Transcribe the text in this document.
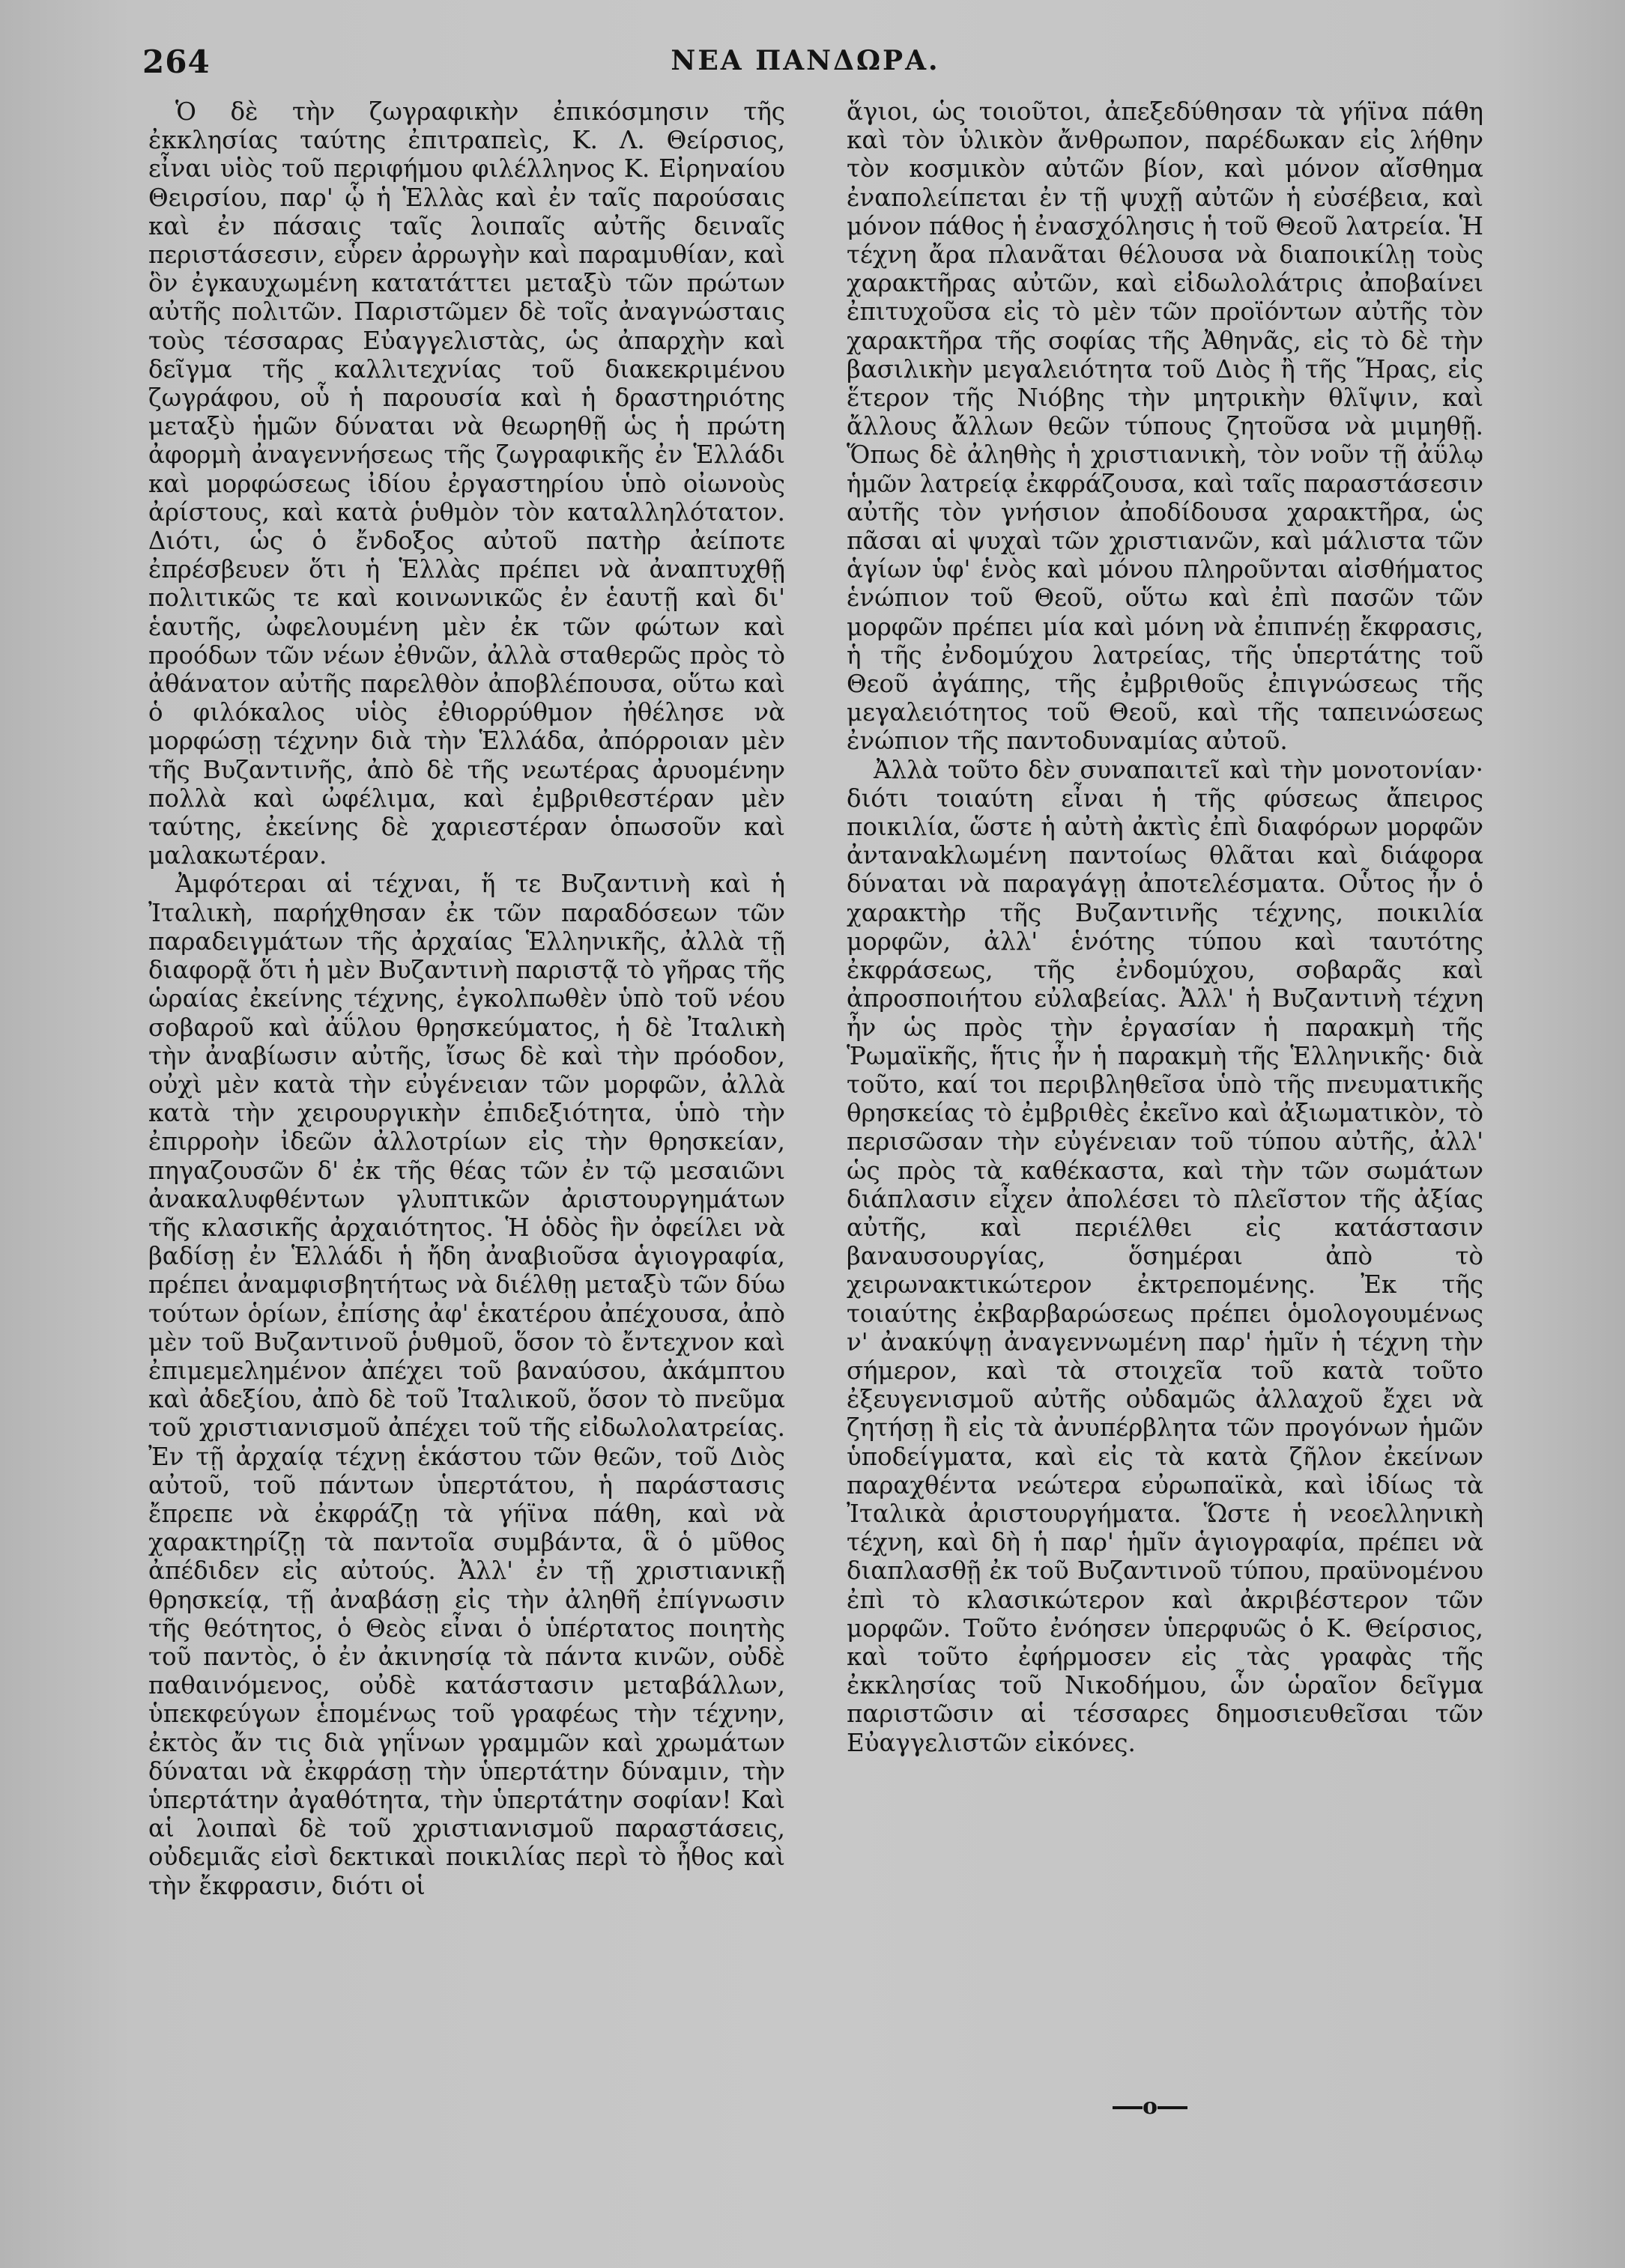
264	ΝΕΑ ΠΑΝΔΩΡΑ.

Ὁ δὲ τὴν ζωγραφικὴν ἐπικόσμησιν τῆς ἐκκλησίας ταύτης ἐπιτραπεὶς, Κ. Λ. Θείρσιος, εἶναι υἱὸς τοῦ περιφήμου φιλέλληνος Κ. Εἰρηναίου Θειρσίου, παρ' ᾧ ἡ Ἑλλὰς καὶ ἐν ταῖς παρούσαις καὶ ἐν πάσαις ταῖς λοιπαῖς αὐτῆς δειναῖς περιστάσεσιν, εὗρεν ἀρρωγὴν καὶ παραμυθίαν, καὶ ὃν ἐγκαυχωμένη κατατάττει μεταξὺ τῶν πρώτων αὐτῆς πολιτῶν. Παριστῶμεν δὲ τοῖς ἀναγνώσταις τοὺς τέσσαρας Εὐαγγελιστὰς, ὡς ἀπαρχὴν καὶ δεῖγμα τῆς καλλιτεχνίας τοῦ διακεκριμένου ζωγράφου, οὗ ἡ παρουσία καὶ ἡ δραστηριότης μεταξὺ ἡμῶν δύναται νὰ θεωρηθῇ ὡς ἡ πρώτη ἀφορμὴ ἀναγεννήσεως τῆς ζωγραφικῆς ἐν Ἑλλάδι καὶ μορφώσεως ἰδίου ἐργαστηρίου ὑπὸ οἰωνοὺς ἀρίστους, καὶ κατὰ ῥυθμὸν τὸν καταλληλότατον. Διότι, ὡς ὁ ἔνδοξος αὐτοῦ πατὴρ ἀείποτε ἐπρέσβευεν ὅτι ἡ Ἑλλὰς πρέπει νὰ ἀναπτυχθῇ πολιτικῶς τε καὶ κοινωνικῶς ἐν ἑαυτῇ καὶ δι' ἑαυτῆς, ὠφελουμένη μὲν ἐκ τῶν φώτων καὶ προόδων τῶν νέων ἐθνῶν, ἀλλὰ σταθερῶς πρὸς τὸ ἀθάνατον αὐτῆς παρελθὸν ἀποβλέπουσα, οὕτω καὶ ὁ φιλόκαλος υἱὸς ἐθιορρύθμον ἠθέλησε νὰ μορφώσῃ τέχνην διὰ τὴν Ἑλλάδα, ἀπόρροιαν μὲν τῆς Βυζαντινῆς, ἀπὸ δὲ τῆς νεωτέρας ἀρυομένην πολλὰ καὶ ὠφέλιμα, καὶ ἐμβριθεστέραν μὲν ταύτης, ἐκείνης δὲ χαριεστέραν ὁπωσοῦν καὶ μαλακωτέραν.

Ἀμφότεραι αἱ τέχναι, ἥ τε Βυζαντινὴ καὶ ἡ Ἰταλικὴ, παρήχθησαν ἐκ τῶν παραδόσεων τῶν παραδειγμάτων τῆς ἀρχαίας Ἑλληνικῆς, ἀλλὰ τῇ διαφορᾷ ὅτι ἡ μὲν Βυζαντινὴ παριστᾷ τὸ γῆρας τῆς ὡραίας ἐκείνης τέχνης, ἐγκολπωθὲν ὑπὸ τοῦ νέου σοβαροῦ καὶ ἀΰλου θρησκεύματος, ἡ δὲ Ἰταλικὴ τὴν ἀναβίωσιν αὐτῆς, ἴσως δὲ καὶ τὴν πρόοδον, οὐχὶ μὲν κατὰ τὴν εὐγένειαν τῶν μορφῶν, ἀλλὰ κατὰ τὴν χειρουργικὴν ἐπιδεξιότητα, ὑπὸ τὴν ἐπιρροὴν ἰδεῶν ἀλλοτρίων εἰς τὴν θρησκείαν, πηγαζουσῶν δ' ἐκ τῆς θέας τῶν ἐν τῷ μεσαιῶνι ἀνακαλυφθέντων γλυπτικῶν ἀριστουργημάτων τῆς κλασικῆς ἀρχαιότητος. Ἡ ὁδὸς ἣν ὀφείλει νὰ βαδίσῃ ἐν Ἑλλάδι ἡ ἤδη ἀναβιοῦσα ἁγιογραφία, πρέπει ἀναμφισβητήτως νὰ διέλθῃ μεταξὺ τῶν δύω τούτων ὁρίων, ἐπίσης ἀφ' ἑκατέρου ἀπέχουσα, ἀπὸ μὲν τοῦ Βυζαντινοῦ ῥυθμοῦ, ὅσον τὸ ἔντεχνον καὶ ἐπιμεμελημένον ἀπέχει τοῦ βαναύσου, ἀκάμπτου καὶ ἀδεξίου, ἀπὸ δὲ τοῦ Ἰταλικοῦ, ὅσον τὸ πνεῦμα τοῦ χριστιανισμοῦ ἀπέχει τοῦ τῆς εἰδωλολατρείας. Ἐν τῇ ἀρχαίᾳ τέχνῃ ἑκάστου τῶν θεῶν, τοῦ Διὸς αὐτοῦ, τοῦ πάντων ὑπερτάτου, ἡ παράστασις ἔπρεπε νὰ ἐκφράζῃ τὰ γήϊνα πάθη, καὶ νὰ χαρακτηρίζῃ τὰ παντοῖα συμβάντα, ἃ ὁ μῦθος ἀπέδιδεν εἰς αὐτούς. Ἀλλ' ἐν τῇ χριστιανικῇ θρησκείᾳ, τῇ ἀναβάσῃ εἰς τὴν ἀληθῆ ἐπίγνωσιν τῆς θεότητος, ὁ Θεὸς εἶναι ὁ ὑπέρτατος ποιητὴς τοῦ παντὸς, ὁ ἐν ἀκινησίᾳ τὰ πάντα κινῶν, οὐδὲ παθαινόμενος, οὐδὲ κατάστασιν μεταβάλλων, ὑπεκφεύγων ἑπομένως τοῦ γραφέως τὴν τέχνην, ἐκτὸς ἄν τις διὰ γηΐνων γραμμῶν καὶ χρωμάτων δύναται νὰ ἐκφράσῃ τὴν ὑπερτάτην δύναμιν, τὴν ὑπερτάτην ἀγαθότητα, τὴν ὑπερτάτην σοφίαν! Καὶ αἱ λοιπαὶ δὲ τοῦ χριστιανισμοῦ παραστάσεις, οὐδεμιᾶς εἰσὶ δεκτικαὶ ποικιλίας περὶ τὸ ἦθος καὶ τὴν ἔκφρασιν, διότι οἱ

ἅγιοι, ὡς τοιοῦτοι, ἀπεξεδύθησαν τὰ γήϊνα πάθη καὶ τὸν ὑλικὸν ἄνθρωπον, παρέδωκαν εἰς λήθην τὸν κοσμικὸν αὐτῶν βίον, καὶ μόνον αἴσθημα ἐναπολείπεται ἐν τῇ ψυχῇ αὐτῶν ἡ εὐσέβεια, καὶ μόνον πάθος ἡ ἐνασχόλησις ἡ τοῦ Θεοῦ λατρεία. Ἡ τέχνη ἄρα πλανᾶται θέλουσα νὰ διαποικίλῃ τοὺς χαρακτῆρας αὐτῶν, καὶ εἰδωλολάτρις ἀποβαίνει ἐπιτυχοῦσα εἰς τὸ μὲν τῶν προϊόντων αὐτῆς τὸν χαρακτῆρα τῆς σοφίας τῆς Ἀθηνᾶς, εἰς τὸ δὲ τὴν βασιλικὴν μεγαλειότητα τοῦ Διὸς ἢ τῆς Ἥρας, εἰς ἕτερον τῆς Νιόβης τὴν μητρικὴν θλῖψιν, καὶ ἄλλους ἄλλων θεῶν τύπους ζητοῦσα νὰ μιμηθῇ. Ὅπως δὲ ἀληθὴς ἡ χριστιανικὴ, τὸν νοῦν τῇ ἀΰλῳ ἡμῶν λατρείᾳ ἐκφράζουσα, καὶ ταῖς παραστάσεσιν αὐτῆς τὸν γνήσιον ἀποδίδουσα χαρακτῆρα, ὡς πᾶσαι αἱ ψυχαὶ τῶν χριστιανῶν, καὶ μάλιστα τῶν ἁγίων ὑφ' ἑνὸς καὶ μόνου πληροῦνται αἰσθήματος ἑνώπιον τοῦ Θεοῦ, οὕτω καὶ ἐπὶ πασῶν τῶν μορφῶν πρέπει μία καὶ μόνη νὰ ἐπιπνέῃ ἔκφρασις, ἡ τῆς ἐνδομύχου λατρείας, τῆς ὑπερτάτης τοῦ Θεοῦ ἀγάπης, τῆς ἐμβριθοῦς ἐπιγνώσεως τῆς μεγαλειότητος τοῦ Θεοῦ, καὶ τῆς ταπεινώσεως ἐνώπιον τῆς παντοδυναμίας αὐτοῦ.

Ἀλλὰ τοῦτο δὲν συναπαιτεῖ καὶ τὴν μονοτονίαν· διότι τοιαύτη εἶναι ἡ τῆς φύσεως ἄπειρος ποικιλία, ὥστε ἡ αὐτὴ ἀκτὶς ἐπὶ διαφόρων μορφῶν ἀνταναkλωμένη παντοίως θλᾶται καὶ διάφορα δύναται νὰ παραγάγῃ ἀποτελέσματα. Οὗτος ἦν ὁ χαρακτὴρ τῆς Βυζαντινῆς τέχνης, ποικιλία μορφῶν, ἀλλ' ἑνότης τύπου καὶ ταυτότης ἐκφράσεως, τῆς ἐνδομύχου, σοβαρᾶς καὶ ἀπροσποιήτου εὐλαβείας. Ἀλλ' ἡ Βυζαντινὴ τέχνη ἦν ὡς πρὸς τὴν ἐργασίαν ἡ παρακμὴ τῆς Ῥωμαϊκῆς, ἥτις ἦν ἡ παρακμὴ τῆς Ἑλληνικῆς· διὰ τοῦτο, καί τοι περιβληθεῖσα ὑπὸ τῆς πνευματικῆς θρησκείας τὸ ἐμβριθὲς ἐκεῖνο καὶ ἀξιωματικὸν, τὸ περισῶσαν τὴν εὐγένειαν τοῦ τύπου αὐτῆς, ἀλλ' ὡς πρὸς τὰ καθέκαστα, καὶ τὴν τῶν σωμάτων διάπλασιν εἶχεν ἀπολέσει τὸ πλεῖστον τῆς ἀξίας αὐτῆς, καὶ περιέλθει εἰς κατάστασιν βαναυσουργίας, ὅσημέραι ἀπὸ τὸ χειρωνακτικώτερον ἐκτρεπομένης. Ἐκ τῆς τοιαύτης ἐκβαρβαρώσεως πρέπει ὁμολογουμένως ν' ἀνακύψῃ ἀναγεννωμένη παρ' ἡμῖν ἡ τέχνη τὴν σήμερον, καὶ τὰ στοιχεῖα τοῦ κατὰ τοῦτο ἐξευγενισμοῦ αὐτῆς οὐδαμῶς ἀλλαχοῦ ἔχει νὰ ζητήσῃ ἢ εἰς τὰ ἀνυπέρβλητα τῶν προγόνων ἡμῶν ὑποδείγματα, καὶ εἰς τὰ κατὰ ζῆλον ἐκείνων παραχθέντα νεώτερα εὐρωπαϊκὰ, καὶ ἰδίως τὰ Ἰταλικὰ ἀριστουργήματα. Ὥστε ἡ νεοελληνικὴ τέχνη, καὶ δὴ ἡ παρ' ἡμῖν ἁγιογραφία, πρέπει νὰ διαπλασθῇ ἐκ τοῦ Βυζαντινοῦ τύπου, πραϋνομένου ἐπὶ τὸ κλασικώτερον καὶ ἀκριβέστερον τῶν μορφῶν. Τοῦτο ἐνόησεν ὑπερφυῶς ὁ Κ. Θείρσιος, καὶ τοῦτο ἐφήρμοσεν εἰς τὰς γραφὰς τῆς ἐκκλησίας τοῦ Νικοδήμου, ὧν ὡραῖον δεῖγμα παριστῶσιν αἱ τέσσαρες δημοσιευθεῖσαι τῶν Εὐαγγελιστῶν εἰκόνες.

o
